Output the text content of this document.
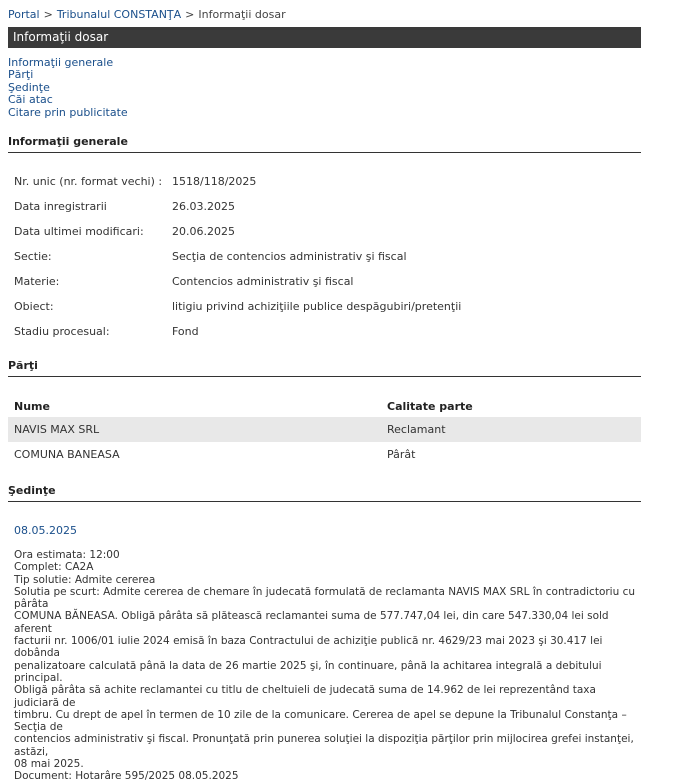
Portal > Tribunalul CONSTANŢA > Informaţii dosar
Informaţii dosar
Informaţii generale
Părţi
Şedinţe
Căi atac
Citare prin publicitate
Informaţii generale
Nr. unic (nr. format vechi) : 1518/118/2025
Data inregistrarii	26.03.2025
Data ultimei modificari:	20.06.2025
Sectie:	Secţia de contencios administrativ şi fiscal
Materie:	Contencios administrativ şi fiscal
Obiect:	litigiu privind achiziţiile publice despăgubiri/pretenţii
Stadiu procesual:	Fond
Părţi
Nume	Calitate parte
NAVIS MAX SRL	Reclamant
COMUNA BANEASA	Pârât
Şedinţe
08.05.2025
Ora estimata: 12:00
Complet: CA2A
Tip solutie: Admite cererea
Solutia pe scurt: Admite cererea de chemare în judecată formulată de reclamanta NAVIS MAX SRL în contradictoriu cu pârâta
COMUNA BĂNEASA. Obligă pârâta să plătească reclamantei suma de 577.747,04 lei, din care 547.330,04 lei sold aferent
facturii nr. 1006/01 iulie 2024 emisă în baza Contractului de achiziţie publică nr. 4629/23 mai 2023 şi 30.417 lei dobânda
penalizatoare calculată până la data de 26 martie 2025 şi, în continuare, până la achitarea integrală a debitului principal.
Obligă pârâta să achite reclamantei cu titlu de cheltuieli de judecată suma de 14.962 de lei reprezentând taxa judiciară de
timbru. Cu drept de apel în termen de 10 zile de la comunicare. Cererea de apel se depune la Tribunalul Constanţa – Secţia de
contencios administrativ şi fiscal. Pronunţată prin punerea soluţiei la dispoziţia părţilor prin mijlocirea grefei instanţei, astăzi,
08 mai 2025.
Document: Hotarâre 595/2025 08.05.2025
